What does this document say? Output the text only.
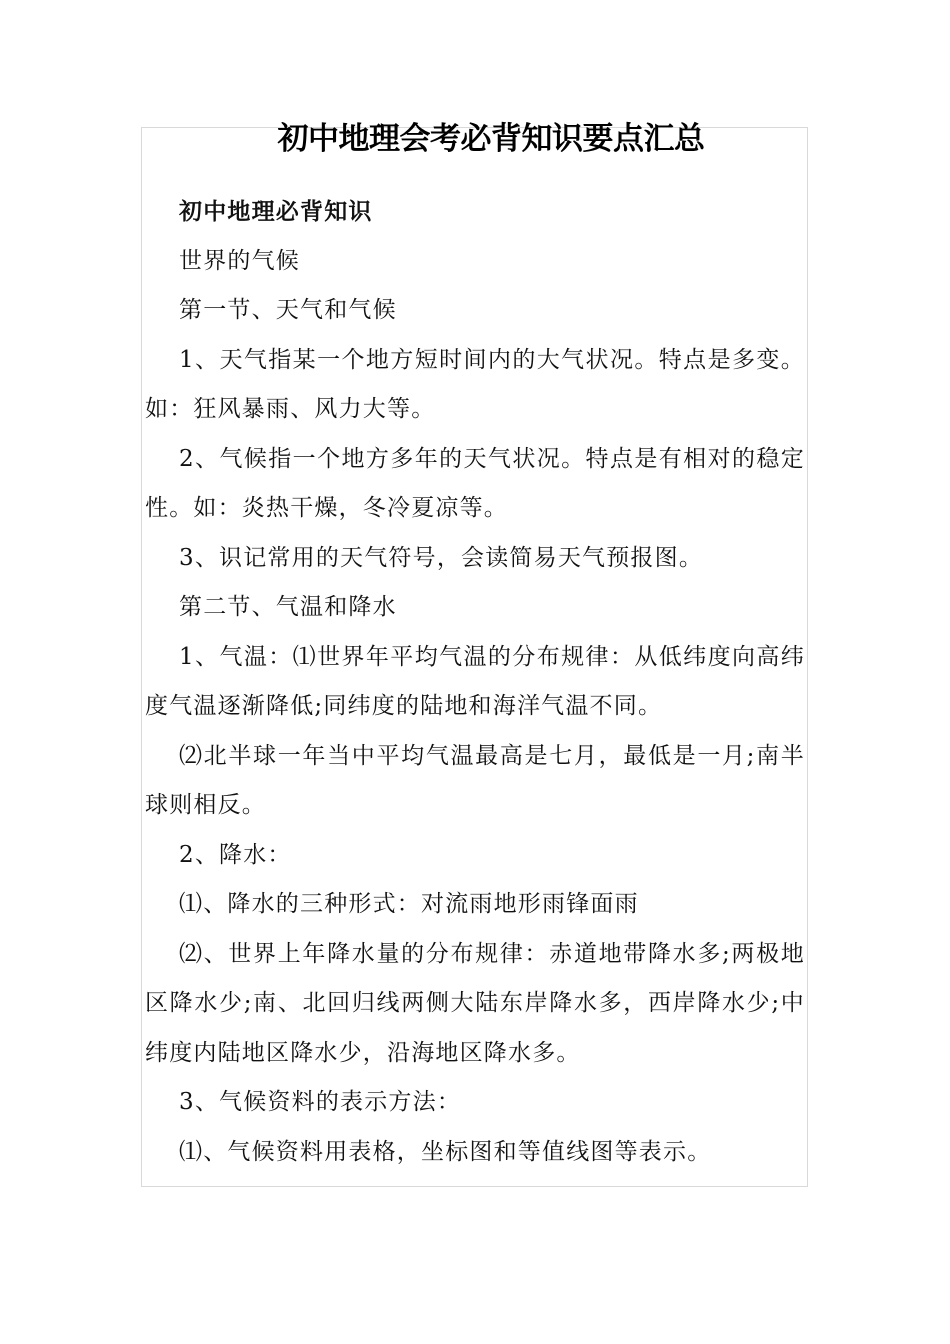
初中地理会考必背知识要点汇总

初中地理必背知识

世界的气候

第一节、天气和气候

1、天气指某一个地方短时间内的大气状况。特点是多变。如：狂风暴雨、风力大等。

2、气候指一个地方多年的天气状况。特点是有相对的稳定性。如：炎热干燥，冬冷夏凉等。

3、识记常用的天气符号，会读简易天气预报图。

第二节、气温和降水

1、气温：⑴世界年平均气温的分布规律：从低纬度向高纬度气温逐渐降低;同纬度的陆地和海洋气温不同。

⑵北半球一年当中平均气温最高是七月，最低是一月;南半球则相反。

2、降水：

⑴、降水的三种形式：对流雨地形雨锋面雨

⑵、世界上年降水量的分布规律：赤道地带降水多;两极地区降水少;南、北回归线两侧大陆东岸降水多，西岸降水少;中纬度内陆地区降水少，沿海地区降水多。

3、气候资料的表示方法：

⑴、气候资料用表格，坐标图和等值线图等表示。
